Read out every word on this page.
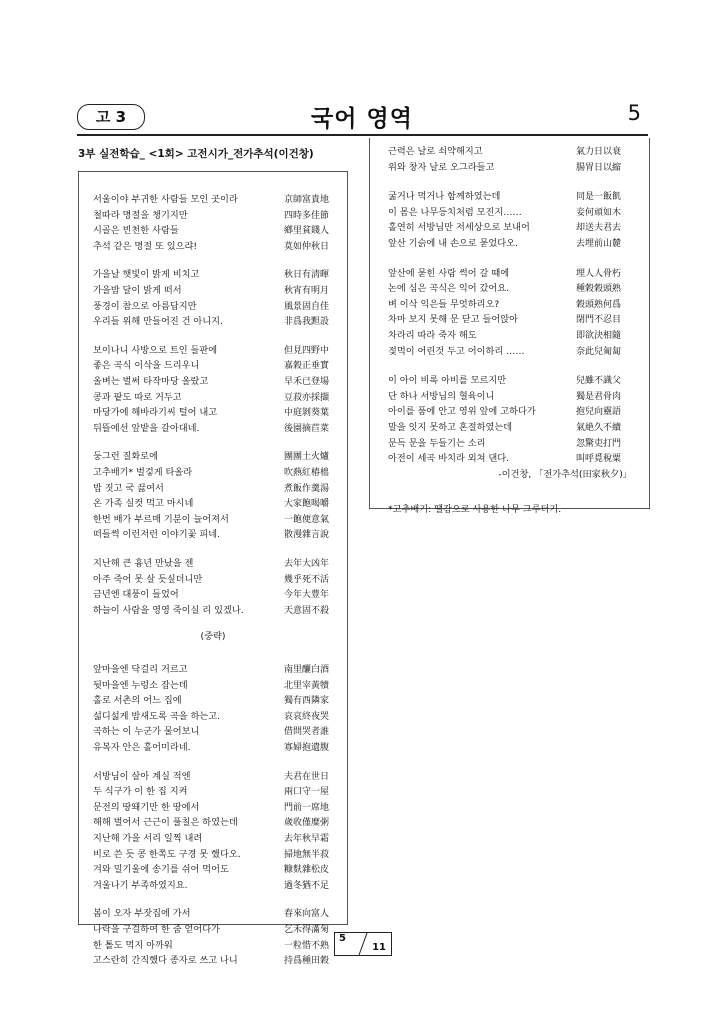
고 3	국어 영역	5
3부 실전학습_ <1회> 고전시가_전가추석(이건창)
서울이야 부귀한 사람들 모인 곳이라	京師富貴地
철따라 명절을 챙기지만	四時多佳節
시골은 빈천한 사람들	鄕里貧賤人
추석 같은 명절 또 있으랴!	莫如仲秋日
가을날 햇빛이 밝게 비치고	秋日有淸暉
가을밤 달이 밝게 떠서	秋宵有明月
풍경이 참으로 아름답지만	風景固自佳
우리들 위해 만들어진 건 아니지.	非爲我䵣設
보이나니 사방으로 트인 들판에	但見四野中
좋은 곡식 이삭을 드리우니	嘉穀正垂實
올벼는 벌써 타작마당 올랐고	早禾已登場
콩과 팥도 따로 거두고	豆菽亦採擷
마당가에 해바라기씨 털어 내고	中庭剝葵葉
뒤뜰에선 앞밭을 갈아대네.	後園摘苣菜
둥그런 질화로에	團團土火爐
고추배기* 벌겋게 타올라	吹爇紅椿柮
밥 짓고 국 끓여서	煮飯作羹湯
온 가족 실컷 먹고 마시네	大家飽喝嚼
한번 배가 부르매 기분이 늘어져서	一飽便意氣
떠들썩 이런저런 이야기꽃 피네.	散漫雜言說
지난해 큰 흉년 만났을 젠	去年大凶年
아주 죽어 못 살 듯싶더니만	幾乎死不活
금년엔 대풍이 들었어	今年大豊年
하늘이 사람을 영영 죽이실 리 있겠나.	天意固不殺
(중략)
앞마을엔 닥걸리 거르고	南里釃白酒
뒷마을엔 누렁소 잡는데	北里宰黃犢
홀로 서촌의 어느 집에	獨有西隣家
섧디섧게 밤새도록 곡을 하는고.	哀哀終夜哭
곡하는 이 누군가 물어보니	借問哭者誰
유복자 안은 홀어미라네.	寡婦抱遺腹
서방님이 살아 계실 적엔	夫君在世日
두 식구가 이 한 집 지켜	兩口守一屋
문전의 땅뙈기만 한 땅에서	門前一席地
해해 벌어서 근근이 풀칠은 하였는데	歲收僅糜粥
지난해 가을 서리 일찍 내려	去年秋早霜
비로 쓴 듯 콩 한쪽도 구경 못 했다오.	掃地無半菽
겨와 밀기울에 송기를 쉬어 먹어도	糠麩雜松皮
겨울나기 부족하였지요.	過冬猶不足
봄이 오자 부잣집에 가서	春來向富人
나락을 구걸하여 한 줌 얻어다가	乞禾得滿匊
한 톨도 먹지 아까워	一粒惜不熟
고스란히 간직했다 종자로 쓰고 나니	持爲種田穀
근력은 날로 쇠약해지고	氣力日以衰
위와 창자 날로 오그라들고	腸胃日以縮
굶거나 먹거나 함께하였는데	同是一飯飢
이 몸은 나무등치처럼 모진지……	妾何頑如木
홀연히 서방님만 저세상으로 보내어	却送夫君去
앞산 기슭에 내 손으로 묻었다오.	去埋前山麓
앞산에 묻힌 사람 썩어 갈 때에	埋人人骨朽
논에 심은 곡식은 익어 갔어요.	種穀穀頭熟
벼 이삭 익은들 무엇하리오?	穀頭熟何爲
차마 보지 못해 문 닫고 들어앉아	閉門不忍目
차라리 따라 죽자 해도	即欲決相隨
젖먹이 어린것 두고 어이하리 ……	奈此兒匍匐
이 아이 비록 아비를 모르지만	兒雖不識父
단 하나 서방님의 혈육이니	獨是君骨肉
아이를 품에 안고 영위 앞에 고하다가	抱兒向靈語
말을 잇지 못하고 혼절하였는데	氣絶久不續
문득 문을 두들기는 소리	忽驚吏打門
아전이 세곡 바치라 외쳐 댄다.	叫呼覓稅粟
-이건창, 「전가추석(田家秋夕)」
*고추배기: 땔감으로 사용한 나무 그루터기.
5
11
